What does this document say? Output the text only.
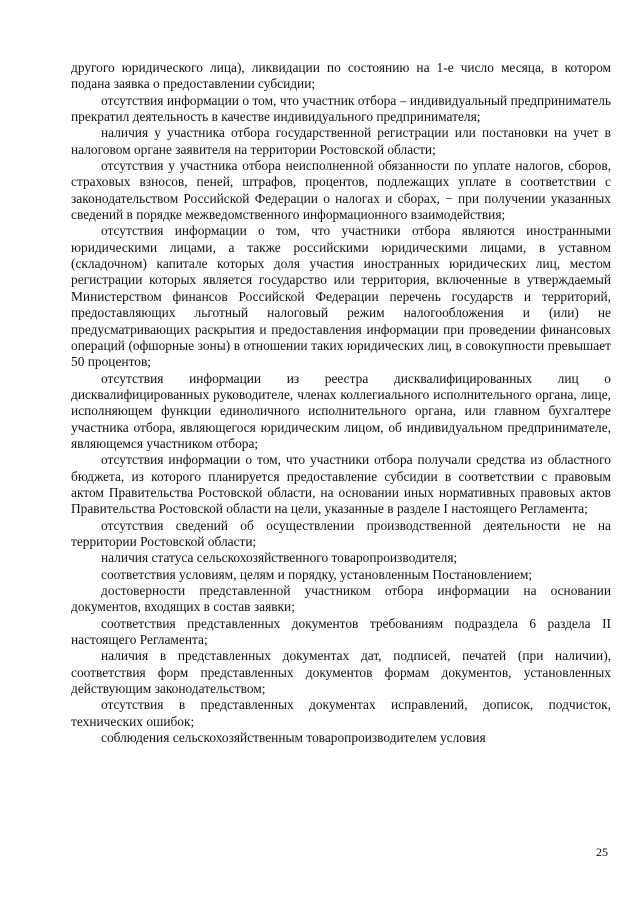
другого юридического лица), ликвидации по состоянию на 1-е число месяца, в котором подана заявка о предоставлении субсидии;

отсутствия информации о том, что участник отбора – индивидуальный предприниматель прекратил деятельность в качестве индивидуального предпринимателя;

наличия у участника отбора государственной регистрации или постановки на учет в налоговом органе заявителя на территории Ростовской области;

отсутствия у участника отбора неисполненной обязанности по уплате налогов, сборов, страховых взносов, пеней, штрафов, процентов, подлежащих уплате в соответствии с законодательством Российской Федерации о налогах и сборах, − при получении указанных сведений в порядке межведомственного информационного взаимодействия;

отсутствия информации о том, что участники отбора являются иностранными юридическими лицами, а также российскими юридическими лицами, в уставном (складочном) капитале которых доля участия иностранных юридических лиц, местом регистрации которых является государство или территория, включенные в утверждаемый Министерством финансов Российской Федерации перечень государств и территорий, предоставляющих льготный налоговый режим налогообложения и (или) не предусматривающих раскрытия и предоставления информации при проведении финансовых операций (офшорные зоны) в отношении таких юридических лиц, в совокупности превышает 50 процентов;

отсутствия информации из реестра дисквалифицированных лиц о дисквалифицированных руководителе, членах коллегиального исполнительного органа, лице, исполняющем функции единоличного исполнительного органа, или главном бухгалтере участника отбора, являющегося юридическим лицом, об индивидуальном предпринимателе, являющемся участником отбора;

отсутствия информации о том, что участники отбора получали средства из областного бюджета, из которого планируется предоставление субсидии в соответствии с правовым актом Правительства Ростовской области, на основании иных нормативных правовых актов Правительства Ростовской области на цели, указанные в разделе I настоящего Регламента;

отсутствия сведений об осуществлении производственной деятельности не на территории Ростовской области;

наличия статуса сельскохозяйственного товаропроизводителя;

соответствия условиям, целям и порядку, установленным Постановлением;

достоверности представленной участником отбора информации на основании документов, входящих в состав заявки;

соответствия представленных документов требованиям подраздела 6 раздела II настоящего Регламента;

наличия в представленных документах дат, подписей, печатей (при наличии), соответствия форм представленных документов формам документов, установленных действующим законодательством;

отсутствия в представленных документах исправлений, дописок, подчисток, технических ошибок;

соблюдения сельскохозяйственным товаропроизводителем условия

25
